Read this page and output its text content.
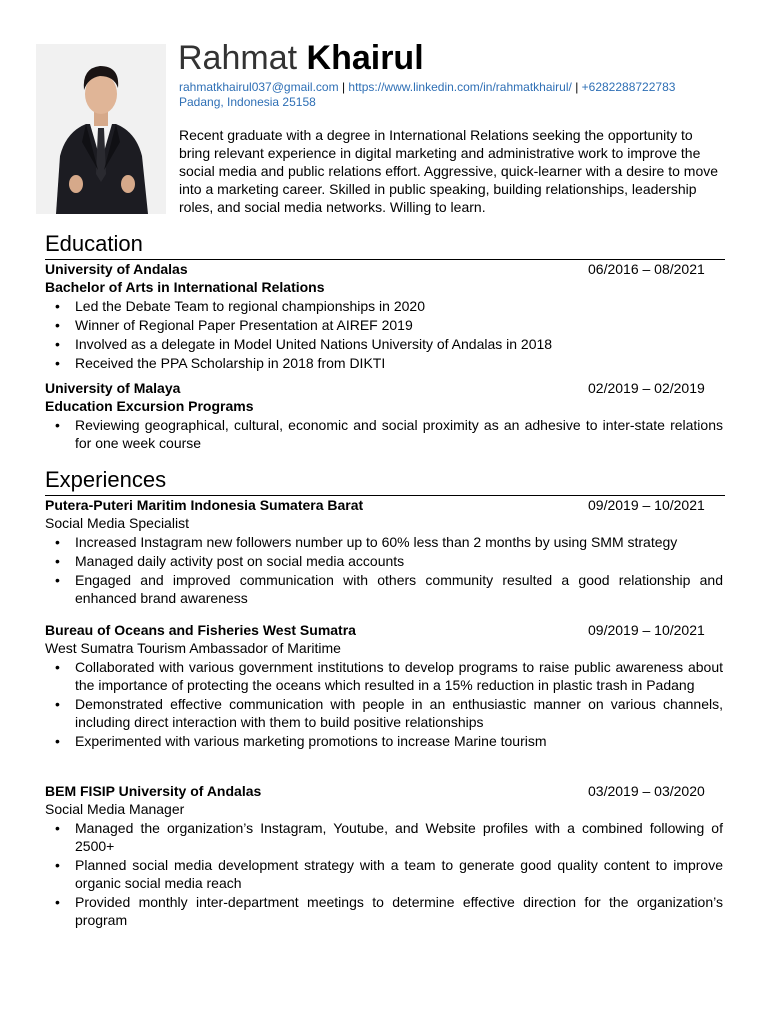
Rahmat Khairul
rahmatkhairul037@gmail.com | https://www.linkedin.com/in/rahmatkhairul/ | +6282288722783
Padang, Indonesia 25158

Recent graduate with a degree in International Relations seeking the opportunity to bring relevant experience in digital marketing and administrative work to improve the social media and public relations effort. Aggressive, quick-learner with a desire to move into a marketing career. Skilled in public speaking, building relationships, leadership roles, and social media networks. Willing to learn.

Education
University of Andalas	06/2016 – 08/2021
Bachelor of Arts in International Relations
• Led the Debate Team to regional championships in 2020
• Winner of Regional Paper Presentation at AIREF 2019
• Involved as a delegate in Model United Nations University of Andalas in 2018
• Received the PPA Scholarship in 2018 from DIKTI
University of Malaya	02/2019 – 02/2019
Education Excursion Programs
• Reviewing geographical, cultural, economic and social proximity as an adhesive to inter-state relations for one week course
Experiences
Putera-Puteri Maritim Indonesia Sumatera Barat	09/2019 – 10/2021
Social Media Specialist
• Increased Instagram new followers number up to 60% less than 2 months by using SMM strategy
• Managed daily activity post on social media accounts
• Engaged and improved communication with others community resulted a good relationship and enhanced brand awareness
Bureau of Oceans and Fisheries West Sumatra	09/2019 – 10/2021
West Sumatra Tourism Ambassador of Maritime
• Collaborated with various government institutions to develop programs to raise public awareness about the importance of protecting the oceans which resulted in a 15% reduction in plastic trash in Padang
• Demonstrated effective communication with people in an enthusiastic manner on various channels, including direct interaction with them to build positive relationships
• Experimented with various marketing promotions to increase Marine tourism
BEM FISIP University of Andalas	03/2019 – 03/2020
Social Media Manager
• Managed the organization’s Instagram, Youtube, and Website profiles with a combined following of 2500+
• Planned social media development strategy with a team to generate good quality content to improve organic social media reach
• Provided monthly inter-department meetings to determine effective direction for the organization’s program
